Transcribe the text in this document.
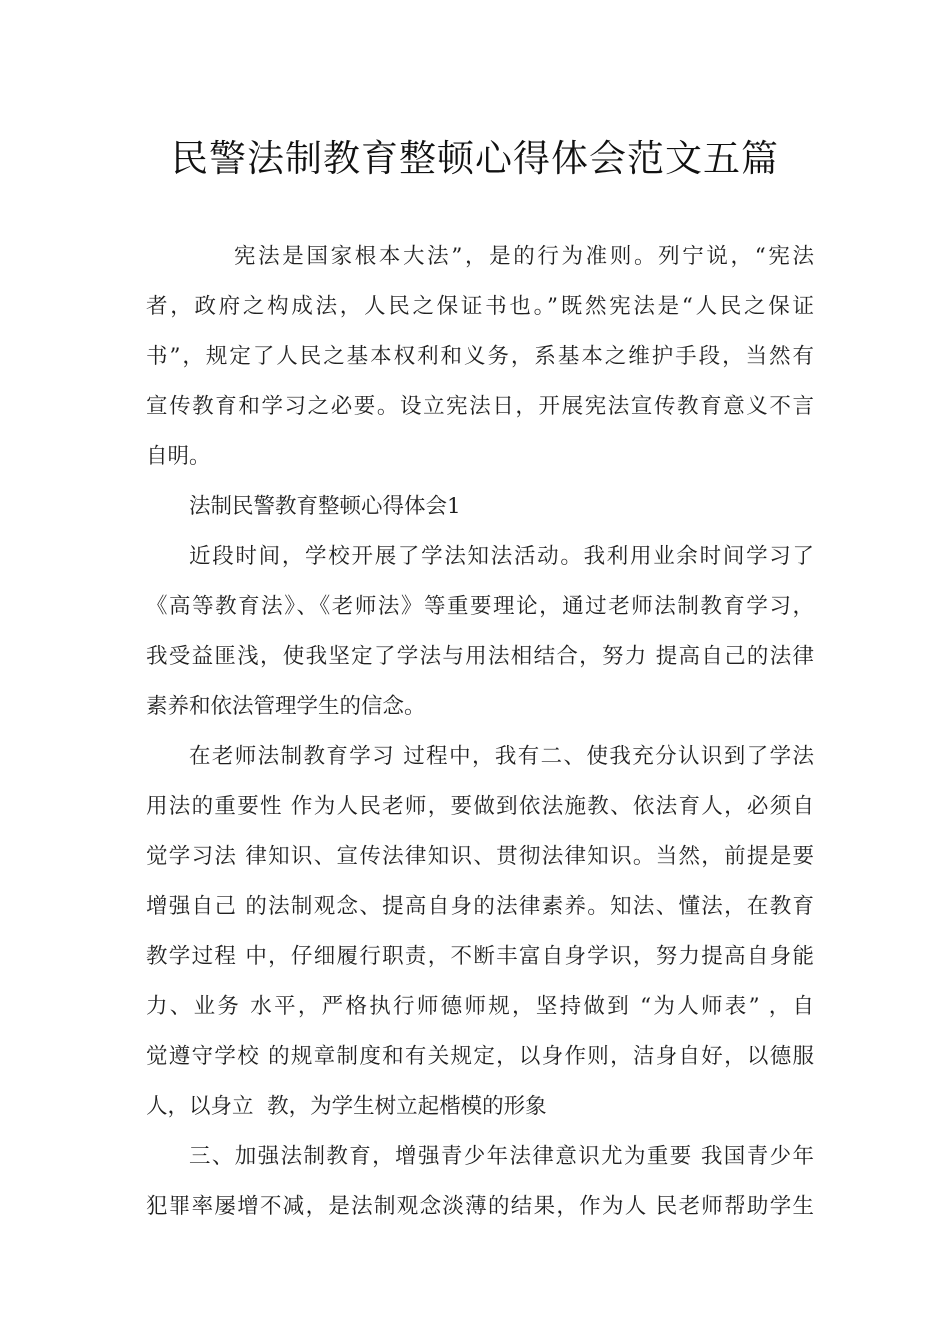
民警法制教育整顿心得体会范文五篇
宪法是国家根本大法”，是的行为准则。列宁说，“宪法
者，政府之构成法，人民之保证书也。”既然宪法是“人民之保证
书”，规定了人民之基本权利和义务，系基本之维护手段，当然有
宣传教育和学习之必要。设立宪法日，开展宪法宣传教育意义不言
自明。
法制民警教育整顿心得体会1
近段时间，学校开展了学法知法活动。我利用业余时间学习了
《高等教育法》、《老师法》等重要理论，通过老师法制教育学习，
我受益匪浅，使我坚定了学法与用法相结合，努力 提高自己的法律
素养和依法管理学生的信念。
在老师法制教育学习 过程中，我有二、使我充分认识到了学法
用法的重要性 作为人民老师，要做到依法施教、依法育人，必须自
觉学习法 律知识、宣传法律知识、贯彻法律知识。当然，前提是要
增强自己 的法制观念、提高自身的法律素养。知法、懂法，在教育
教学过程 中，仔细履行职责，不断丰富自身学识，努力提高自身能
力、业务 水平，严格执行师德师规，坚持做到 “为人师表” ，自
觉遵守学校 的规章制度和有关规定，以身作则，洁身自好，以德服
人，以身立  教，为学生树立起楷模的形象
三、加强法制教育，增强青少年法律意识尤为重要 我国青少年
犯罪率屡增不减，是法制观念淡薄的结果，作为人 民老师帮助学生
